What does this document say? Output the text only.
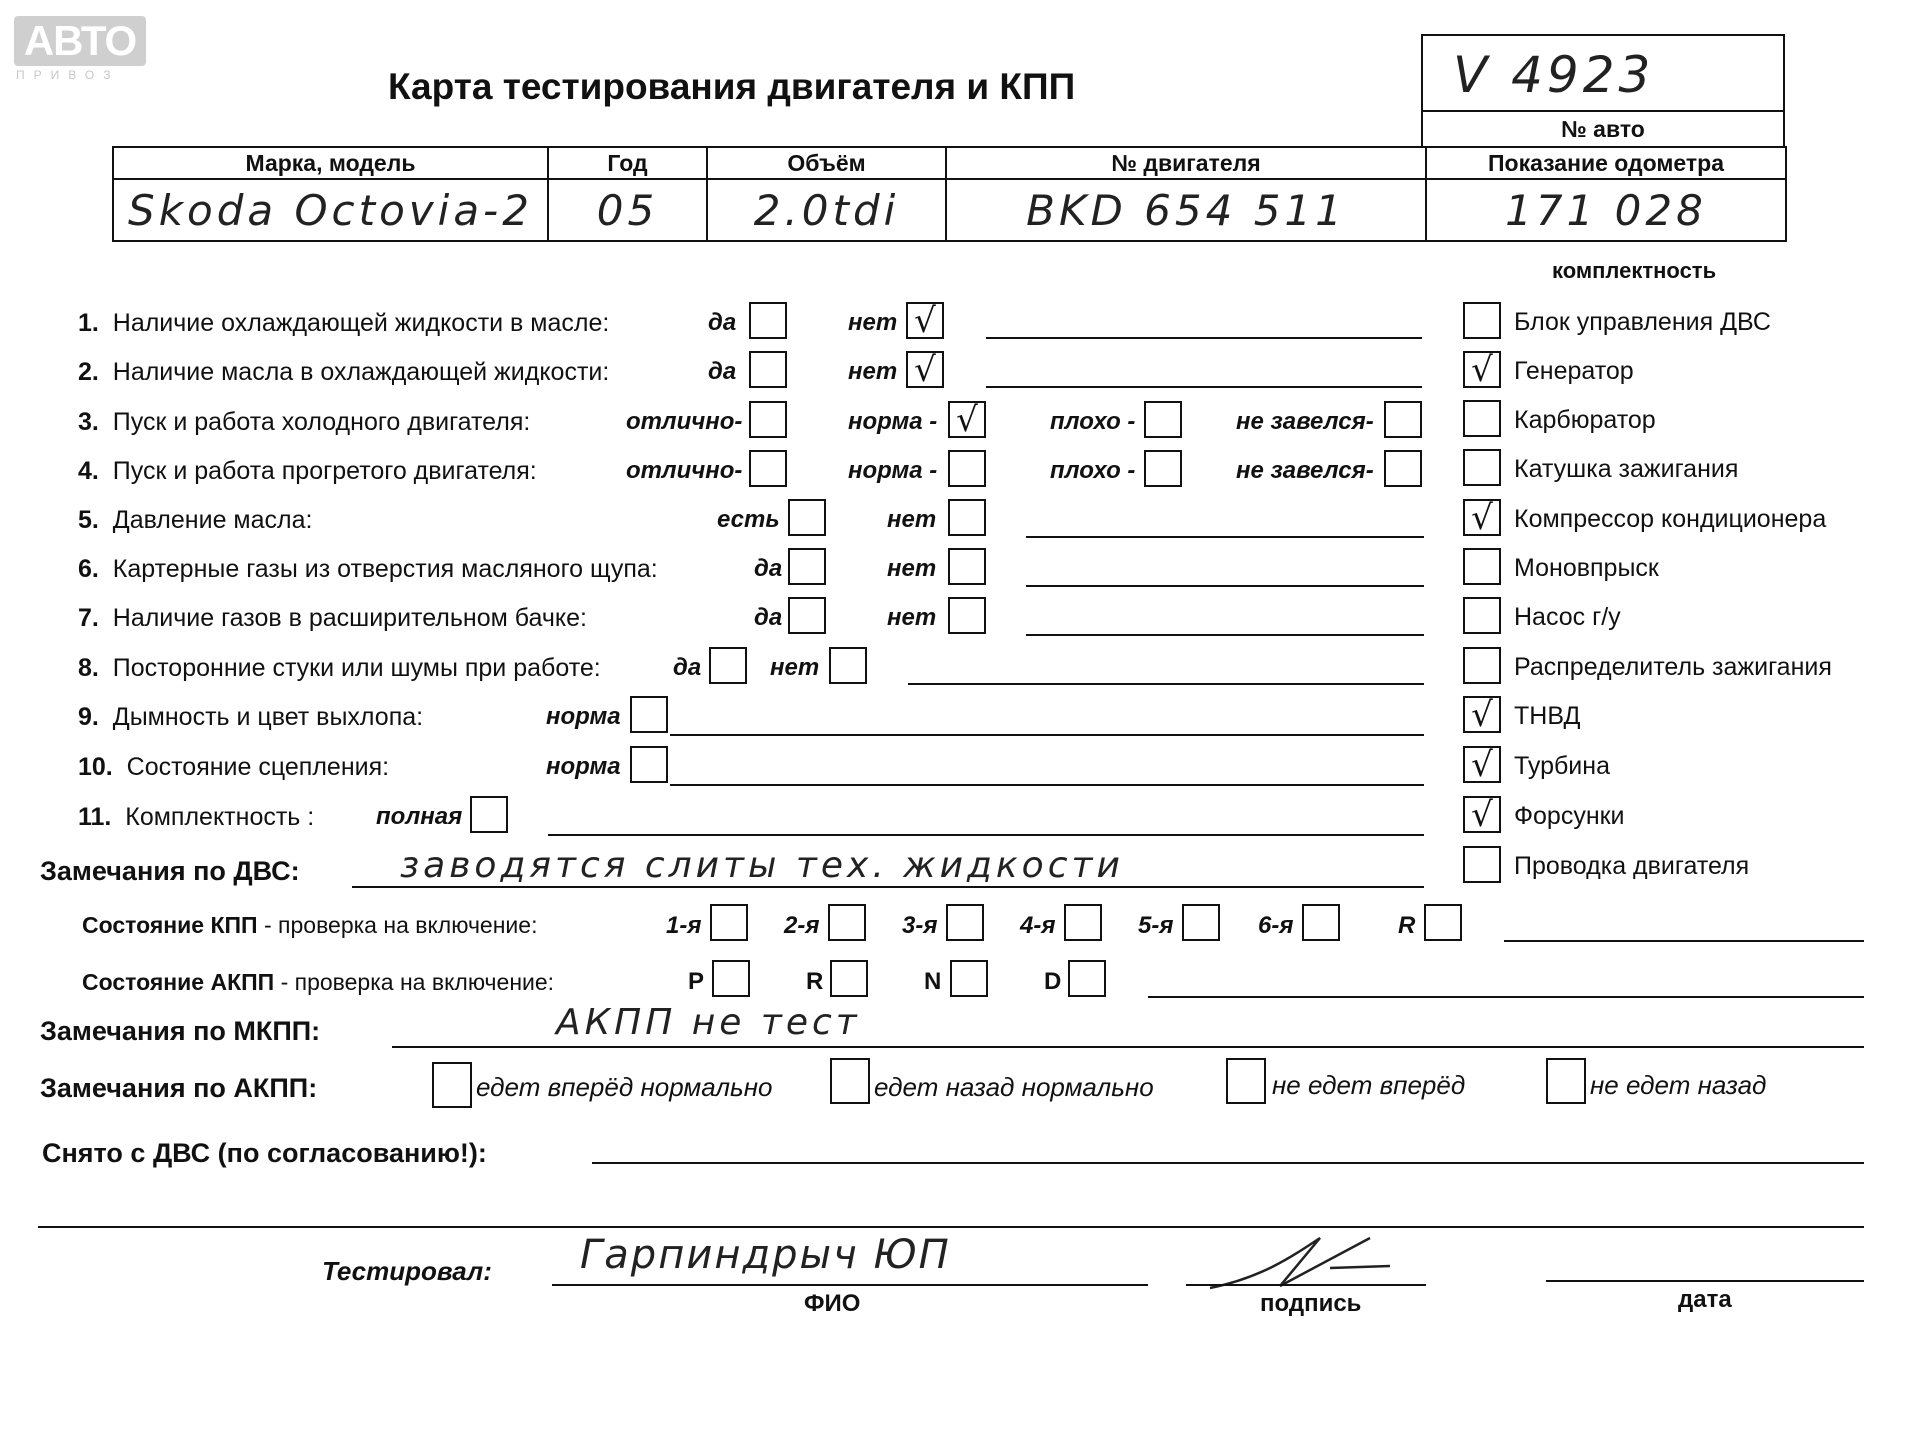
АВТО
ПРИВОЗ	Карта тестирования двигателя и КПП	V 4923
№ авто
Марка, модель	Год	Объём	№ двигателя	Показание одометра
Skoda Octovia-2	05	2.0tdi	BKD 654 511	171 028
комплектность
1. Наличие охлаждающей жидкости в масле:	да	нет √
2. Наличие масла в охлаждающей жидкости:	да	нет √
3. Пуск и работа холодного двигателя:	отлично-	норма - √	плохо -	не завелся-
4. Пуск и работа прогретого двигателя:	отлично-	норма -	плохо -	не завелся-
5. Давление масла:	есть	нет
6. Картерные газы из отверстия масляного щупа:	да	нет
7. Наличие газов в расширительном бачке:	да	нет
8. Посторонние стуки или шумы при работе:	да	нет
9. Дымность и цвет выхлопа:	норма
10. Состояние сцепления:	норма
11. Комплектность :	полная
Блок управления ДВС
√ Генератор
Карбюратор
Катушка зажигания
√ Компрессор кондиционера
Моновпрыск
Насос г/у
Распределитель зажигания
√ ТНВД
√ Турбина
√ Форсунки
Проводка двигателя
Замечания по ДВС:	заводятся слиты тех. жидкости
Состояние КПП - проверка на включение:	1-я	2-я	3-я	4-я	5-я	6-я	R
Состояние АКПП - проверка на включение:	P	R	N	D
Замечания по МКПП:	АКПП не тест
Замечания по АКПП:	едет вперёд нормально	едет назад нормально	не едет вперёд	не едет назад
Снято с ДВС (по согласованию!):
Тестировал: Гарпиндрыч ЮП
ФИО	подпись	дата
